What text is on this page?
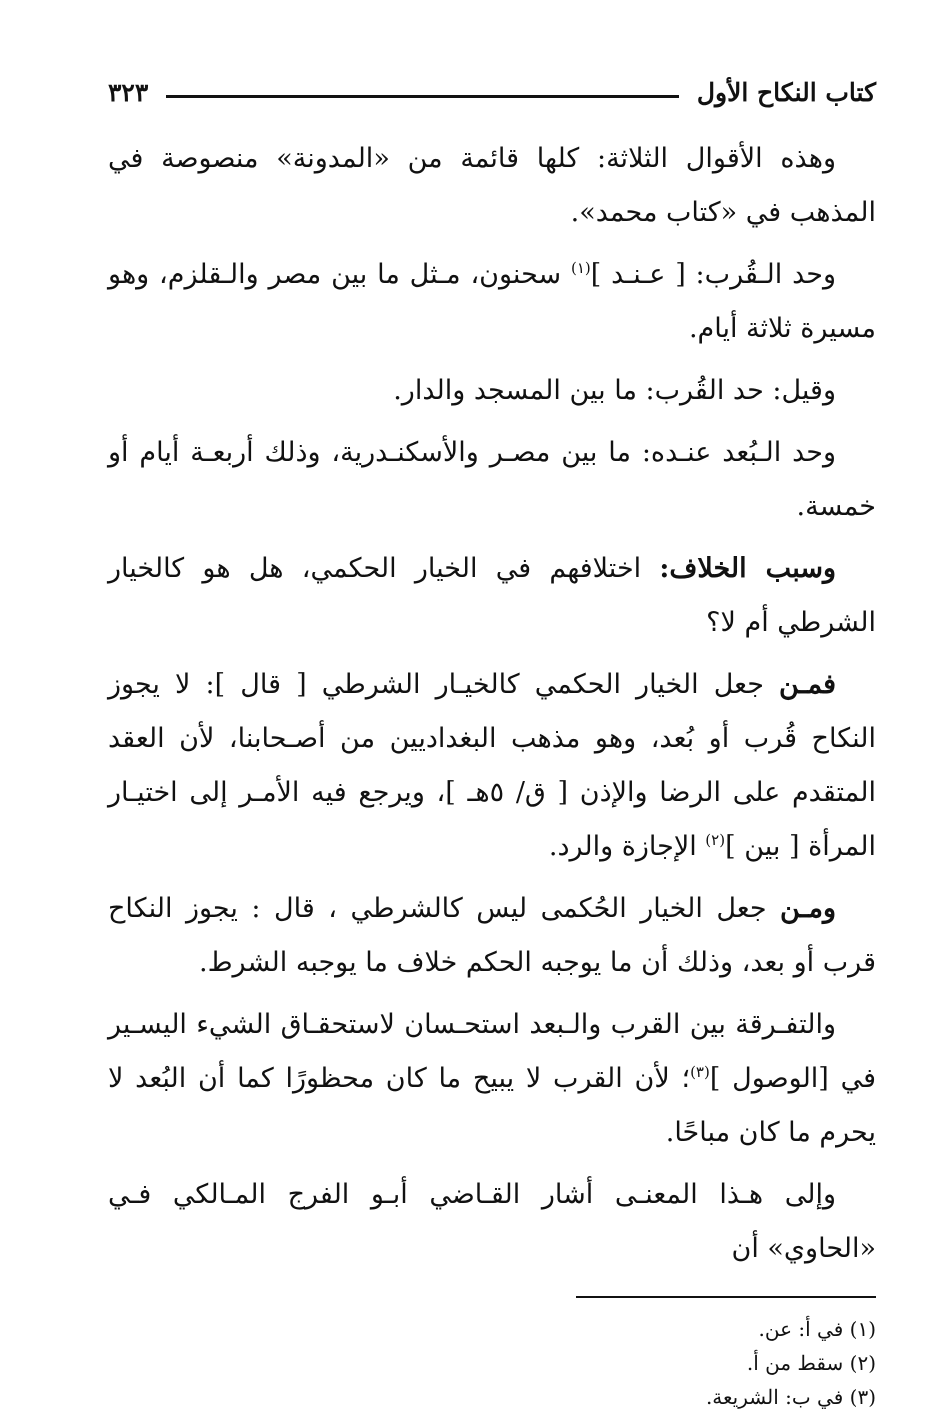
كتاب النكاح الأول
٣٢٣

وهذه الأقوال الثلاثة: كلها قائمة من «المدونة» منصوصة في المذهب في «كتاب محمد».

وحد الـقُرب: [ عـنـد ]$^{(١)}$ سحنون، مـثل ما بين مصر والـقلزم، وهو مسيرة ثلاثة أيام.

وقيل: حد القُرب: ما بين المسجد والدار.

وحد الـبُعد عنـده: ما بين مصـر والأسكنـدرية، وذلك أربعـة أيام أو خمسة.

وسبب الخلاف: اختلافهم في الخيار الحكمي، هل هو كالخيار الشرطي أم لا؟

فمـن جعل الخيار الحكمي كالخيـار الشرطي [ قال ]: لا يجوز النكاح قُرب أو بُعد، وهو مذهب البغداديين من أصـحابنا، لأن العقد المتقدم على الرضا والإذن [ ق/ ٥هـ ]، ويرجع فيه الأمـر إلى اختيـار المرأة [ بين ]$^{(٢)}$ الإجازة والرد.

ومـن جعل الخيار الحُكمى ليس كالشرطي ، قال : يجوز النكاح قرب أو بعد، وذلك أن ما يوجبه الحكم خلاف ما يوجبه الشرط.

والتفـرقة بين القرب والـبعد استحـسان لاستحقـاق الشيء اليسـير في [الوصول ]$^{(٣)}$؛ لأن القرب لا يبيح ما كان محظورًا كما أن البُعد لا يحرم ما كان مباحًا.

وإلى هـذا المعنـى أشار القـاضي أبـو الفرج المـالكي فـي «الحاوي» أن

(١) في أ: عن.

(٢) سقط من أ.

(٣) في ب: الشريعة.
